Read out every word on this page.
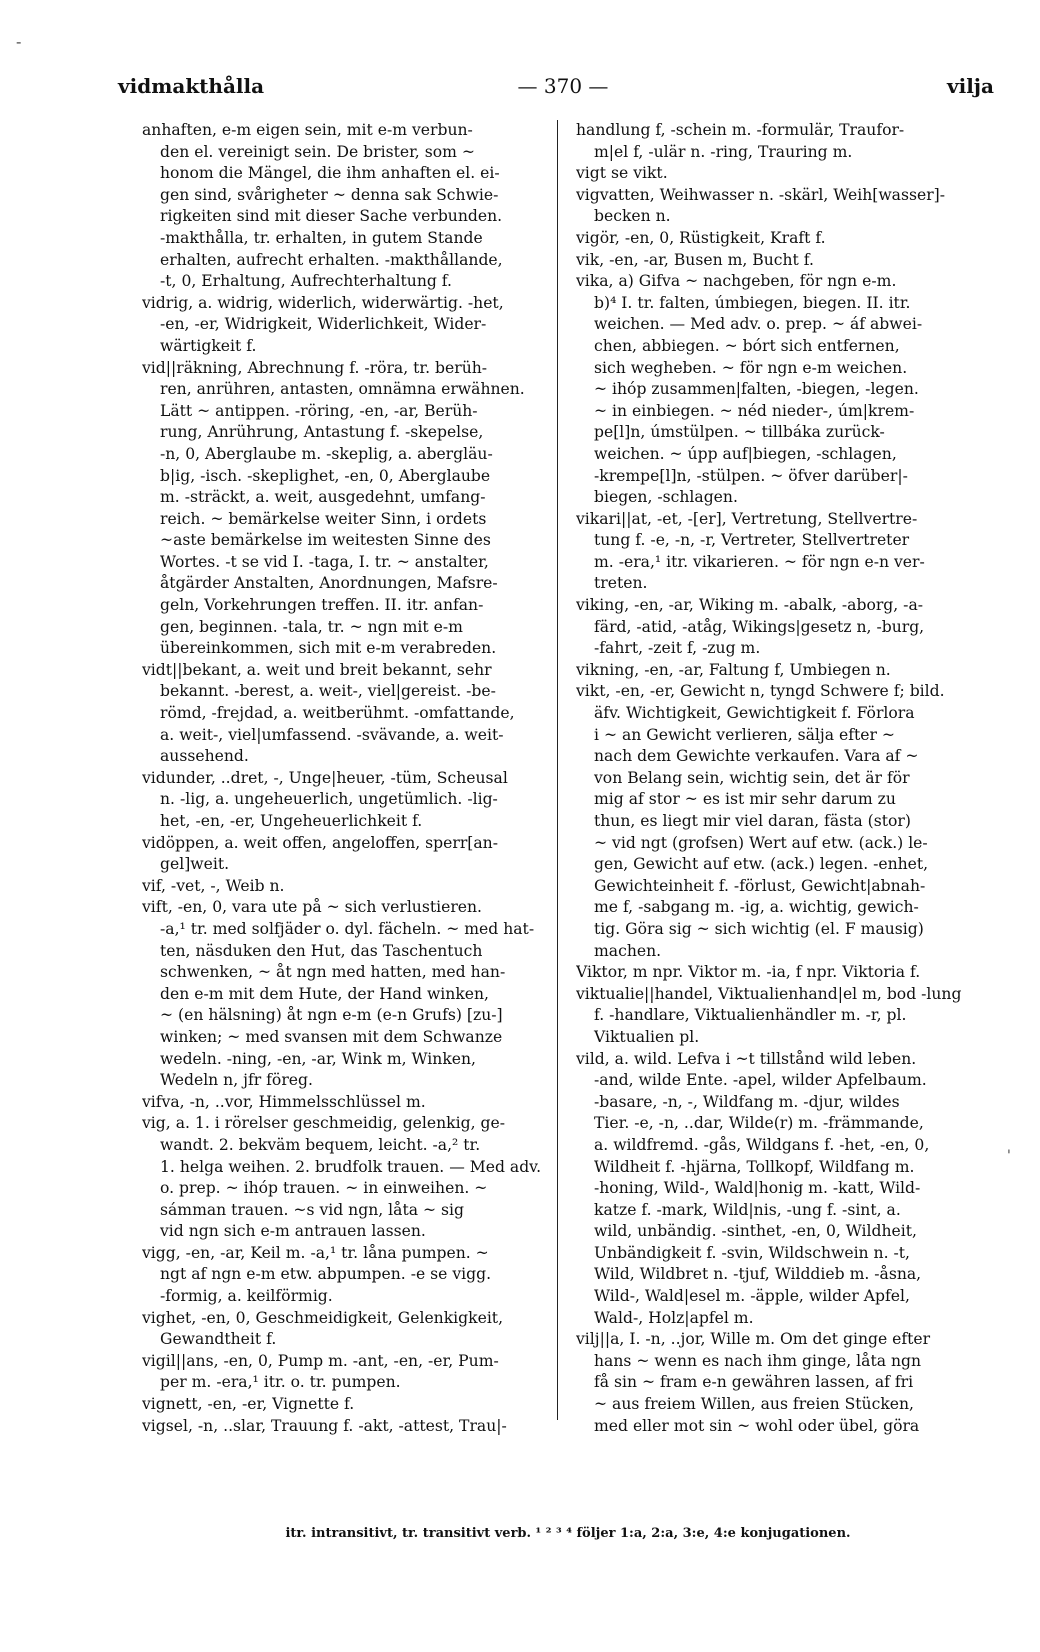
-
'
vidmakthålla	— 370 —	vilja
anhaften, e-m eigen sein, mit e-m verbun-
den el. vereinigt sein. De brister, som ~
honom die Mängel, die ihm anhaften el. ei-
gen sind, svårigheter ~ denna sak Schwie-
rigkeiten sind mit dieser Sache verbunden.
-makthålla, tr. erhalten, in gutem Stande
erhalten, aufrecht erhalten. -makthållande,
-t, 0, Erhaltung, Aufrechterhaltung f.
vidrig, a. widrig, widerlich, widerwärtig. -het,
-en, -er, Widrigkeit, Widerlichkeit, Wider-
wärtigkeit f.
vid||räkning, Abrechnung f. -röra, tr. berüh-
ren, anrühren, antasten, omnämna erwähnen.
Lätt ~ antippen. -röring, -en, -ar, Berüh-
rung, Anrührung, Antastung f. -skepelse,
-n, 0, Aberglaube m. -skeplig, a. abergläu-
b|ig, -isch. -skeplighet, -en, 0, Aberglaube
m. -sträckt, a. weit, ausgedehnt, umfang-
reich. ~ bemärkelse weiter Sinn, i ordets
~aste bemärkelse im weitesten Sinne des
Wortes. -t se vid I. -taga, I. tr. ~ anstalter,
åtgärder Anstalten, Anordnungen, Mafsre-
geln, Vorkehrungen treffen. II. itr. anfan-
gen, beginnen. -tala, tr. ~ ngn mit e-m
übereinkommen, sich mit e-m verabreden.
vidt||bekant, a. weit und breit bekannt, sehr
bekannt. -berest, a. weit-, viel|gereist. -be-
römd, -frejdad, a. weitberühmt. -omfattande,
a. weit-, viel|umfassend. -svävande, a. weit-
aussehend.
vidunder, ..dret, -, Unge|heuer, -tüm, Scheusal
n. -lig, a. ungeheuerlich, ungetümlich. -lig-
het, -en, -er, Ungeheuerlichkeit f.
vidöppen, a. weit offen, angeloffen, sperr[an-
gel]weit.
vif, -vet, -, Weib n.
vift, -en, 0, vara ute på ~ sich verlustieren.
-a,¹ tr. med solfjäder o. dyl. fächeln. ~ med hat-
ten, näsduken den Hut, das Taschentuch
schwenken, ~ åt ngn med hatten, med han-
den e-m mit dem Hute, der Hand winken,
~ (en hälsning) åt ngn e-m (e-n Grufs) [zu-]
winken; ~ med svansen mit dem Schwanze
wedeln. -ning, -en, -ar, Wink m, Winken,
Wedeln n, jfr föreg.
vifva, -n, ..vor, Himmelsschlüssel m.
vig, a. 1. i rörelser geschmeidig, gelenkig, ge-
wandt. 2. bekväm bequem, leicht. -a,² tr.
1. helga weihen. 2. brudfolk trauen. — Med adv.
o. prep. ~ ihóp trauen. ~ in einweihen. ~
sámman trauen. ~s vid ngn, låta ~ sig
vid ngn sich e-m antrauen lassen.
vigg, -en, -ar, Keil m. -a,¹ tr. låna pumpen. ~
ngt af ngn e-m etw. abpumpen. -e se vigg.
-formig, a. keilförmig.
vighet, -en, 0, Geschmeidigkeit, Gelenkigkeit,
Gewandtheit f.
vigil||ans, -en, 0, Pump m. -ant, -en, -er, Pum-
per m. -era,¹ itr. o. tr. pumpen.
vignett, -en, -er, Vignette f.
vigsel, -n, ..slar, Trauung f. -akt, -attest, Trau|-
handlung f, -schein m. -formulär, Traufor-
m|el f, -ulär n. -ring, Trauring m.
vigt se vikt.
vigvatten, Weihwasser n. -skärl, Weih[wasser]-
becken n.
vigör, -en, 0, Rüstigkeit, Kraft f.
vik, -en, -ar, Busen m, Bucht f.
vika, a) Gifva ~ nachgeben, för ngn e-m.
b)⁴ I. tr. falten, úmbiegen, biegen. II. itr.
weichen. — Med adv. o. prep. ~ áf abwei-
chen, abbiegen. ~ bórt sich entfernen,
sich wegheben. ~ för ngn e-m weichen.
~ ihóp zusammen|falten, -biegen, -legen.
~ in einbiegen. ~ néd nieder-, úm|krem-
pe[l]n, úmstülpen. ~ tillbáka zurück-
weichen. ~ úpp auf|biegen, -schlagen,
-krempe[l]n, -stülpen. ~ öfver darüber|-
biegen, -schlagen.
vikari||at, -et, -[er], Vertretung, Stellvertre-
tung f. -e, -n, -r, Vertreter, Stellvertreter
m. -era,¹ itr. vikarieren. ~ för ngn e-n ver-
treten.
viking, -en, -ar, Wiking m. -abalk, -aborg, -a-
färd, -atid, -atåg, Wikings|gesetz n, -burg,
-fahrt, -zeit f, -zug m.
vikning, -en, -ar, Faltung f, Umbiegen n.
vikt, -en, -er, Gewicht n, tyngd Schwere f; bild.
äfv. Wichtigkeit, Gewichtigkeit f. Förlora
i ~ an Gewicht verlieren, sälja efter ~
nach dem Gewichte verkaufen. Vara af ~
von Belang sein, wichtig sein, det är för
mig af stor ~ es ist mir sehr darum zu
thun, es liegt mir viel daran, fästa (stor)
~ vid ngt (grofsen) Wert auf etw. (ack.) le-
gen, Gewicht auf etw. (ack.) legen. -enhet,
Gewichteinheit f. -förlust, Gewicht|abnah-
me f, -sabgang m. -ig, a. wichtig, gewich-
tig. Göra sig ~ sich wichtig (el. F mausig)
machen.
Viktor, m npr. Viktor m. -ia, f npr. Viktoria f.
viktualie||handel, Viktualienhand|el m, bod -lung
f. -handlare, Viktualienhändler m. -r, pl.
Viktualien pl.
vild, a. wild. Lefva i ~t tillstånd wild leben.
-and, wilde Ente. -apel, wilder Apfelbaum.
-basare, -n, -, Wildfang m. -djur, wildes
Tier. -e, -n, ..dar, Wilde(r) m. -främmande,
a. wildfremd. -gås, Wildgans f. -het, -en, 0,
Wildheit f. -hjärna, Tollkopf, Wildfang m.
-honing, Wild-, Wald|honig m. -katt, Wild-
katze f. -mark, Wild|nis, -ung f. -sint, a.
wild, unbändig. -sinthet, -en, 0, Wildheit,
Unbändigkeit f. -svin, Wildschwein n. -t,
Wild, Wildbret n. -tjuf, Wilddieb m. -åsna,
Wild-, Wald|esel m. -äpple, wilder Apfel,
Wald-, Holz|apfel m.
vilj||a, I. -n, ..jor, Wille m. Om det ginge efter
hans ~ wenn es nach ihm ginge, låta ngn
få sin ~ fram e-n gewähren lassen, af fri
~ aus freiem Willen, aus freien Stücken,
med eller mot sin ~ wohl oder übel, göra
itr. intransitivt, tr. transitivt verb. ¹ ² ³ ⁴ följer 1:a, 2:a, 3:e, 4:e konjugationen.
